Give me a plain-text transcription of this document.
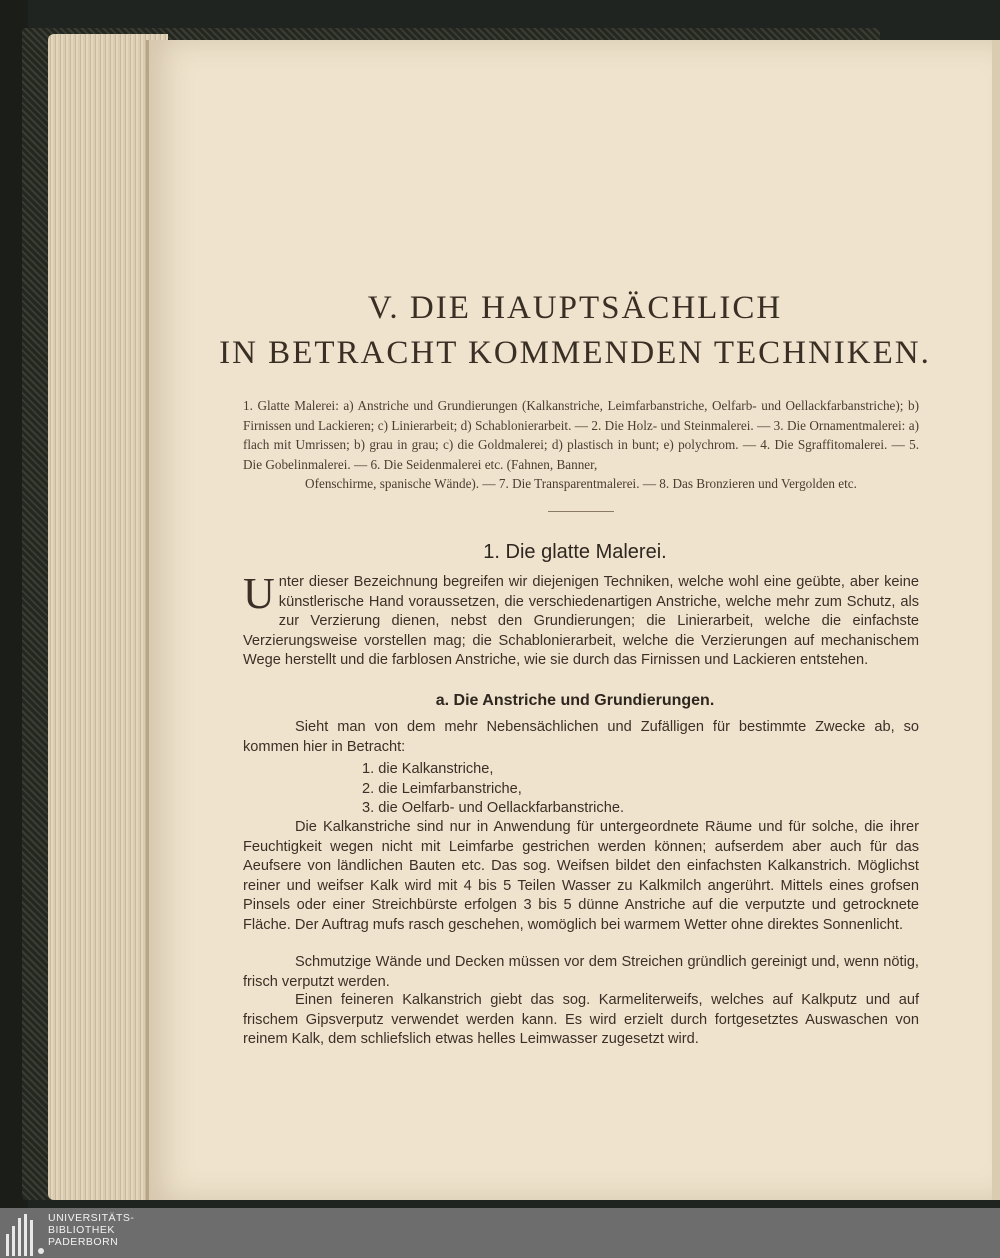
V. DIE HAUPTSÄCHLICH
IN BETRACHT KOMMENDEN TECHNIKEN.
1. Glatte Malerei: a) Anstriche und Grundierungen (Kalkanstriche, Leimfarbanstriche, Oelfarb- und Oellackfarbanstriche); b) Firnissen und Lackieren; c) Linierarbeit; d) Schablonierarbeit. — 2. Die Holz- und Steinmalerei. — 3. Die Ornamentmalerei: a) flach mit Umrissen; b) grau in grau; c) die Goldmalerei; d) plastisch in bunt; e) polychrom. — 4. Die Sgraffitomalerei. — 5. Die Gobelinmalerei. — 6. Die Seidenmalerei etc. (Fahnen, Banner,
Ofenschirme, spanische Wände). — 7. Die Transparentmalerei. — 8. Das Bronzieren und Vergolden etc.
1. Die glatte Malerei.
Unter dieser Bezeichnung begreifen wir diejenigen Techniken, welche wohl eine geübte, aber keine künstlerische Hand voraussetzen, die verschiedenartigen Anstriche, welche mehr zum Schutz, als zur Verzierung dienen, nebst den Grundierungen; die Linierarbeit, welche die einfachste Verzierungsweise vorstellen mag; die Schablonierarbeit, welche die Verzierungen auf mechanischem Wege herstellt und die farblosen Anstriche, wie sie durch das Firnissen und Lackieren entstehen.
a. Die Anstriche und Grundierungen.
Sieht man von dem mehr Nebensächlichen und Zufälligen für bestimmte Zwecke ab, so kommen hier in Betracht:
1. die Kalkanstriche,
2. die Leimfarbanstriche,
3. die Oelfarb- und Oellackfarbanstriche.
Die Kalkanstriche sind nur in Anwendung für untergeordnete Räume und für solche, die ihrer Feuchtigkeit wegen nicht mit Leimfarbe gestrichen werden können; aufserdem aber auch für das Aeufsere von ländlichen Bauten etc. Das sog. Weifsen bildet den einfachsten Kalkanstrich. Möglichst reiner und weifser Kalk wird mit 4 bis 5 Teilen Wasser zu Kalkmilch angerührt. Mittels eines grofsen Pinsels oder einer Streichbürste erfolgen 3 bis 5 dünne Anstriche auf die verputzte und getrocknete Fläche. Der Auftrag mufs rasch geschehen, womöglich bei warmem Wetter ohne direktes Sonnenlicht.
Schmutzige Wände und Decken müssen vor dem Streichen gründlich gereinigt und, wenn nötig, frisch verputzt werden.
Einen feineren Kalkanstrich giebt das sog. Karmeliterweifs, welches auf Kalkputz und auf frischem Gipsverputz verwendet werden kann. Es wird erzielt durch fortgesetztes Auswaschen von reinem Kalk, dem schliefslich etwas helles Leimwasser zugesetzt wird.
UNIVERSITÄTS-
BIBLIOTHEK
PADERBORN
